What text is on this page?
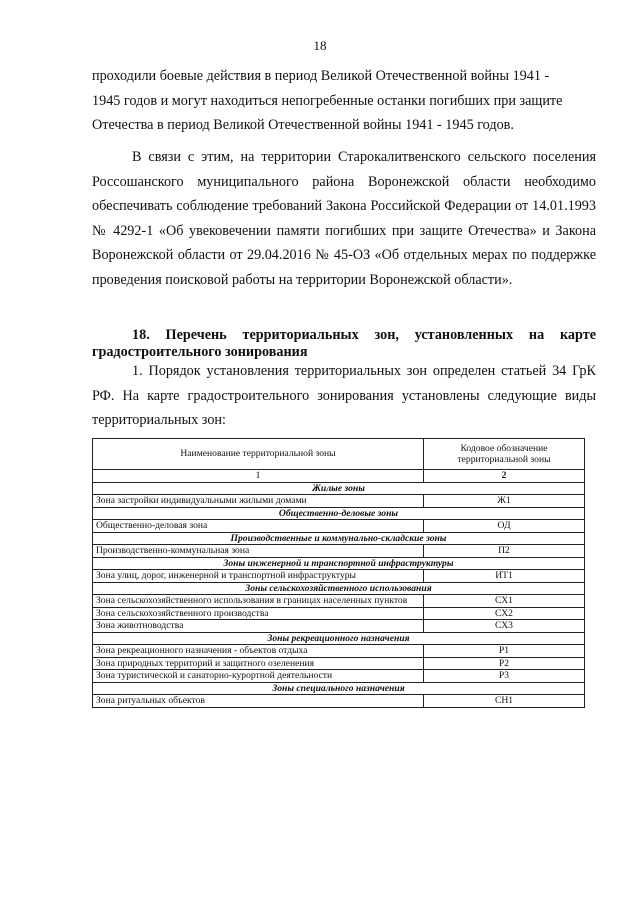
18

проходили боевые действия в период Великой Отечественной войны 1941 -

1945 годов и могут находиться непогребенные останки погибших при защите

Отечества в период Великой Отечественной войны 1941 - 1945 годов.

В связи с этим, на территории Старокалитвенского сельского поселения Россошанского муниципального района Воронежской области необходимо обеспечивать соблюдение требований Закона Российской Федерации от 14.01.1993 № 4292-1 «Об увековечении памяти погибших при защите Отечества» и Закона Воронежской области от 29.04.2016 № 45-ОЗ «Об отдельных мерах по поддержке проведения поисковой работы на территории Воронежской области».

18. Перечень территориальных зон, установленных на карте градостроительного зонирования

1. Порядок установления территориальных зон определен статьей 34 ГрК РФ. На карте градостроительного зонирования установлены следующие виды территориальных зон:

Наименование территориальной зоны	Кодовое обозначение территориальной зоны
1	2
Жилые зоны	
Зона застройки индивидуальными жилыми домами	Ж1
Общественно-деловые зоны	
Общественно-деловая зона	ОД
Производственные и коммунально-складские зоны	
Производственно-коммунальная зона	П2
Зоны инженерной и транспортной инфраструктуры	
Зона улиц, дорог, инженерной и транспортной инфраструктуры	ИТ1
Зоны сельскохозяйственного использования	
Зона сельскохозяйственного использования в границах населенных пунктов	СХ1
Зона сельскохозяйственного производства	СХ2
Зона животноводства	СХ3
Зоны рекреационного назначения	
Зона рекреационного назначения - объектов отдыха	Р1
Зона природных территорий и защитного озеленения	Р2
Зона туристической и санаторно-курортной деятельности	Р3
Зоны специального назначения	
Зона ритуальных объектов	СН1
